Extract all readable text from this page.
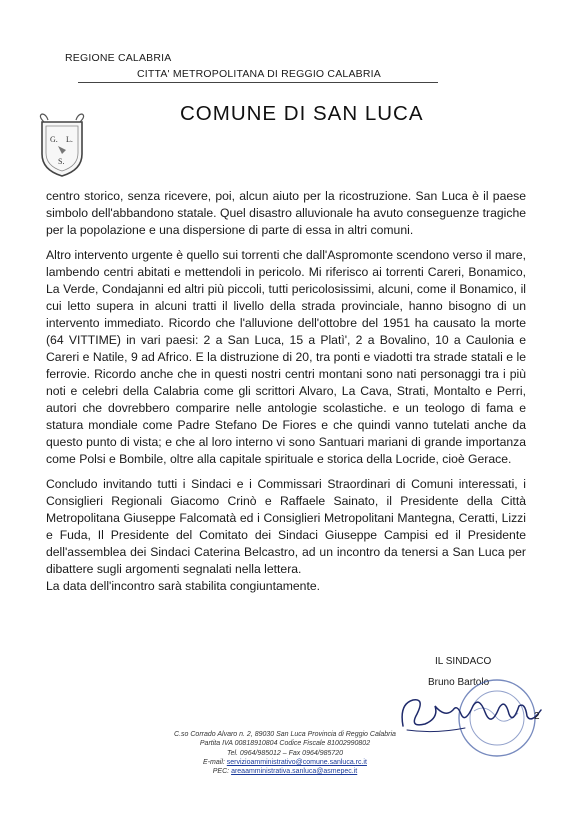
REGIONE CALABRIA
CITTA' METROPOLITANA DI REGGIO CALABRIA
G. L.
S.
COMUNE DI SAN LUCA

centro storico, senza ricevere, poi, alcun aiuto per la ricostruzione. San Luca è il paese simbolo dell'abbandono statale. Quel disastro alluvionale ha avuto conseguenze tragiche per la popolazione e una dispersione di parte di essa in altri comuni.

Altro intervento urgente è quello sui torrenti che dall'Aspromonte scendono verso il mare, lambendo centri abitati e mettendoli in pericolo. Mi riferisco ai torrenti Careri, Bonamico, La Verde, Condajanni ed altri più piccoli, tutti pericolosissimi, alcuni, come il Bonamico, il cui letto supera in alcuni tratti il livello della strada provinciale, hanno bisogno di un intervento immediato. Ricordo che l'alluvione dell'ottobre del 1951 ha causato la morte (64 VITTIME) in vari paesi: 2 a San Luca, 15 a Platì', 2 a Bovalino, 10 a Caulonia e Careri e Natile, 9 ad Africo. E la distruzione di 20, tra ponti e viadotti tra strade statali e le ferrovie. Ricordo anche che in questi nostri centri montani sono nati personaggi tra i più noti e celebri della Calabria come gli scrittori Alvaro, La Cava, Strati, Montalto e Perri, autori che dovrebbero comparire nelle antologie scolastiche. e un teologo di fama e statura mondiale come Padre Stefano De Fiores e che quindi vanno tutelati anche da questo punto di vista; e che al loro interno vi sono Santuari mariani di grande importanza come Polsi e Bombile, oltre alla capitale spirituale e storica della Locride, cioè Gerace.

Concludo invitando tutti i Sindaci e i Commissari Straordinari di Comuni interessati, i Consiglieri Regionali Giacomo Crinò e Raffaele Sainato, il Presidente della Città Metropolitana Giuseppe Falcomatà ed i Consiglieri Metropolitani Mantegna, Ceratti, Lizzi e Fuda, Il Presidente del Comitato dei Sindaci Giuseppe Campisi ed il Presidente dell'assemblea dei Sindaci Caterina Belcastro, ad un incontro da tenersi a San Luca per dibattere sugli argomenti segnalati nella lettera.

La data dell'incontro sarà stabilita congiuntamente.

IL SINDACO
Bruno Bartolo
2
C.so Corrado Alvaro n. 2, 89030 San Luca Provincia di Reggio Calabria
Partita IVA 00818910804 Codice Fiscale 81002990802
Tel. 0964/985012 – Fax 0964/985720
E-mail: servizioamministrativo@comune.sanluca.rc.it
PEC: areaamministrativa.sanluca@asmepec.it
